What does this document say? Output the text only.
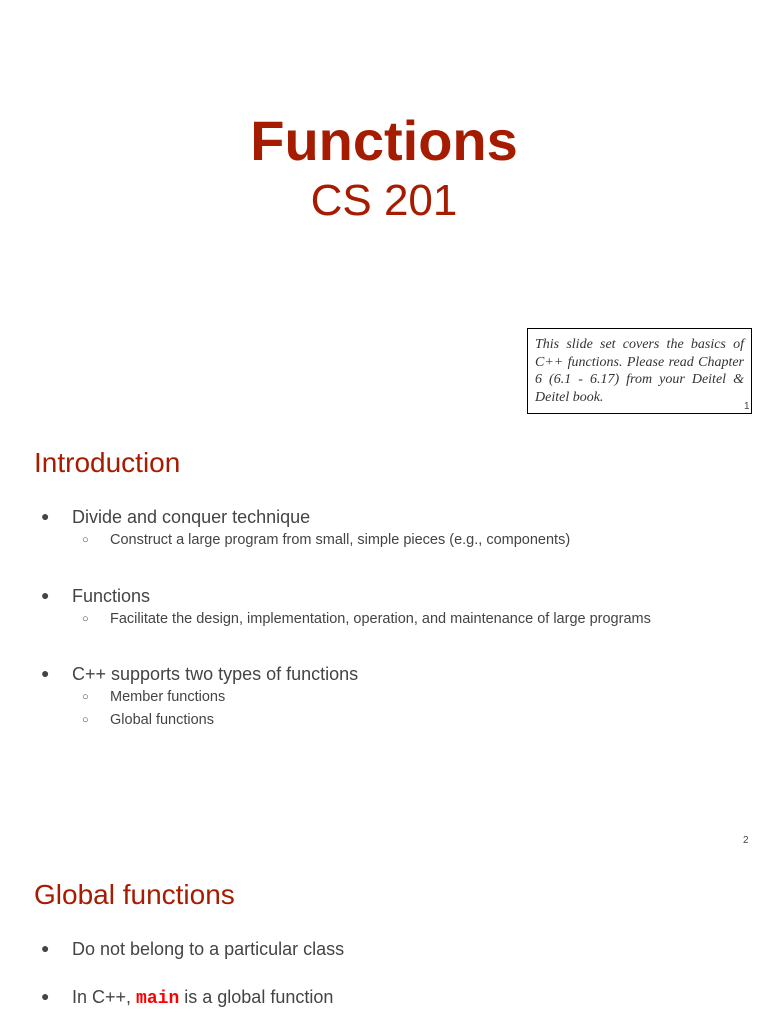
Functions
CS 201
This slide set covers the basics of C++ functions. Please read Chapter 6 (6.1 - 6.17) from your Deitel & Deitel book.
1
Introduction
● Divide and conquer technique
○ Construct a large program from small, simple pieces (e.g., components)
● Functions
○ Facilitate the design, implementation, operation, and maintenance of large programs
● C++ supports two types of functions
○ Member functions
○ Global functions
2
Global functions
● Do not belong to a particular class
● In C++, main is a global function
